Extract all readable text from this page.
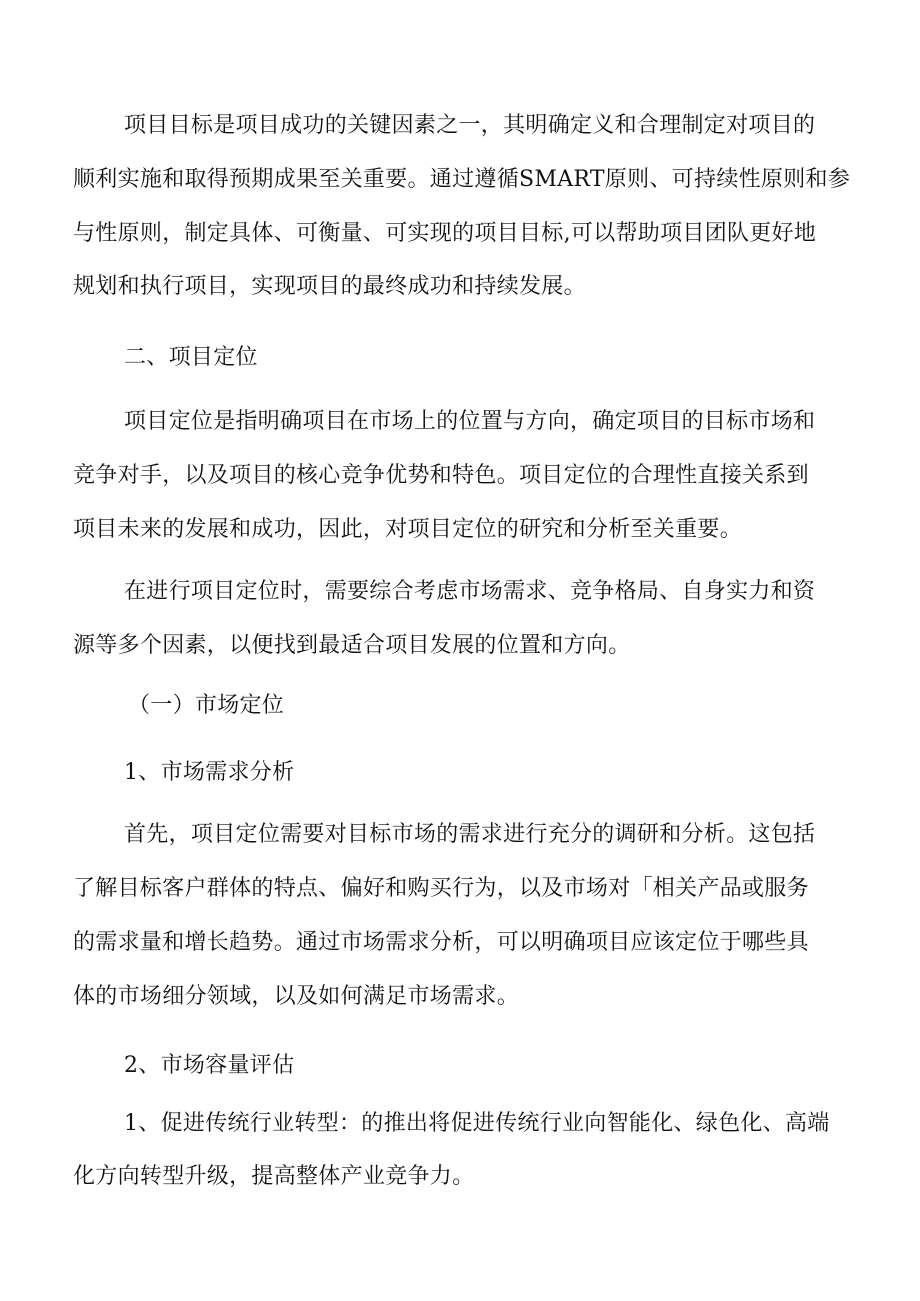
项目目标是项目成功的关键因素之一，其明确定义和合理制定对项目的
顺利实施和取得预期成果至关重要。通过遵循SMART原则、可持续性原则和参
与性原则，制定具体、可衡量、可实现的项目目标,可以帮助项目团队更好地
规划和执行项目，实现项目的最终成功和持续发展。
二、项目定位
项目定位是指明确项目在市场上的位置与方向，确定项目的目标市场和
竞争对手，以及项目的核心竞争优势和特色。项目定位的合理性直接关系到
项目未来的发展和成功，因此，对项目定位的研究和分析至关重要。
在进行项目定位时，需要综合考虑市场需求、竞争格局、自身实力和资
源等多个因素，以便找到最适合项目发展的位置和方向。
（一）市场定位
1、市场需求分析
首先，项目定位需要对目标市场的需求进行充分的调研和分析。这包括
了解目标客户群体的特点、偏好和购买行为，以及市场对「相关产品或服务
的需求量和增长趋势。通过市场需求分析，可以明确项目应该定位于哪些具
体的市场细分领域，以及如何满足市场需求。
2、市场容量评估
1、促进传统行业转型：的推出将促进传统行业向智能化、绿色化、高端
化方向转型升级，提高整体产业竞争力。
